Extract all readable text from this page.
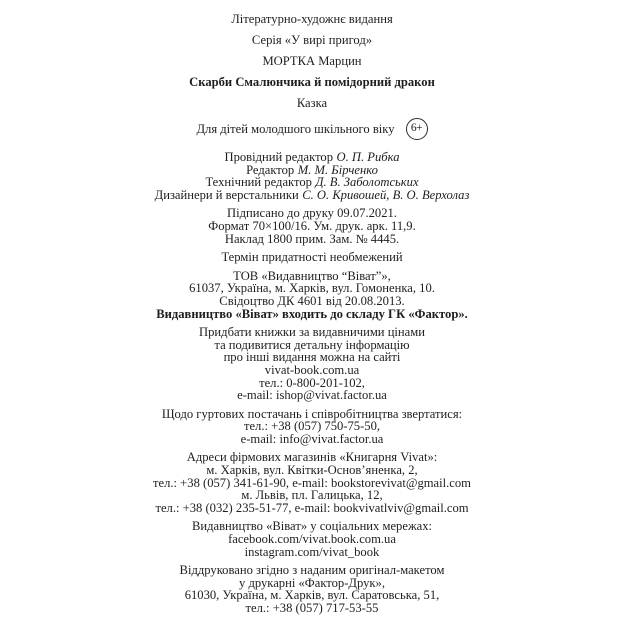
Літературно-художнє видання
Серія «У вирі пригод»
МОРТКА Марцин
Скарби Смалюнчика й помідорний дракон
Казка
Для дітей молодшого шкільного віку	6+
Провідний редактор О. П. Рибка
Редактор М. М. Бірченко
Технічний редактор Д. В. Заболотських
Дизайнери й верстальники С. О. Кривошей, В. О. Верхолаз
Підписано до друку 09.07.2021.
Формат 70×100/16. Ум. друк. арк. 11,9.
Наклад 1800 прим. Зам. № 4445.
Термін придатності необмежений
ТОВ «Видавництво “Віват”»,
61037, Україна, м. Харків, вул. Гомоненка, 10.
Свідоцтво ДК 4601 від 20.08.2013.
Видавництво «Віват» входить до складу ГК «Фактор».
Придбати книжки за видавничими цінами
та подивитися детальну інформацію
про інші видання можна на сайті
vivat-book.com.ua
тел.: 0-800-201-102,
e-mail: ishop@vivat.factor.ua
Щодо гуртових постачань і співробітництва звертатися:
тел.: +38 (057) 750-75-50,
e-mail: info@vivat.factor.ua
Адреси фірмових магазинів «Книгарня Vivat»:
м. Харків, вул. Квітки-Основ’яненка, 2,
тел.: +38 (057) 341-61-90, e-mail: bookstorevivat@gmail.com
м. Львів, пл. Галицька, 12,
тел.: +38 (032) 235-51-77, e-mail: bookvivatlviv@gmail.com
Видавництво «Віват» у соціальних мережах:
facebook.com/vivat.book.com.ua
instagram.com/vivat_book
Віддруковано згідно з наданим оригінал-макетом
у друкарні «Фактор-Друк»,
61030, Україна, м. Харків, вул. Саратовська, 51,
тел.: +38 (057) 717-53-55
